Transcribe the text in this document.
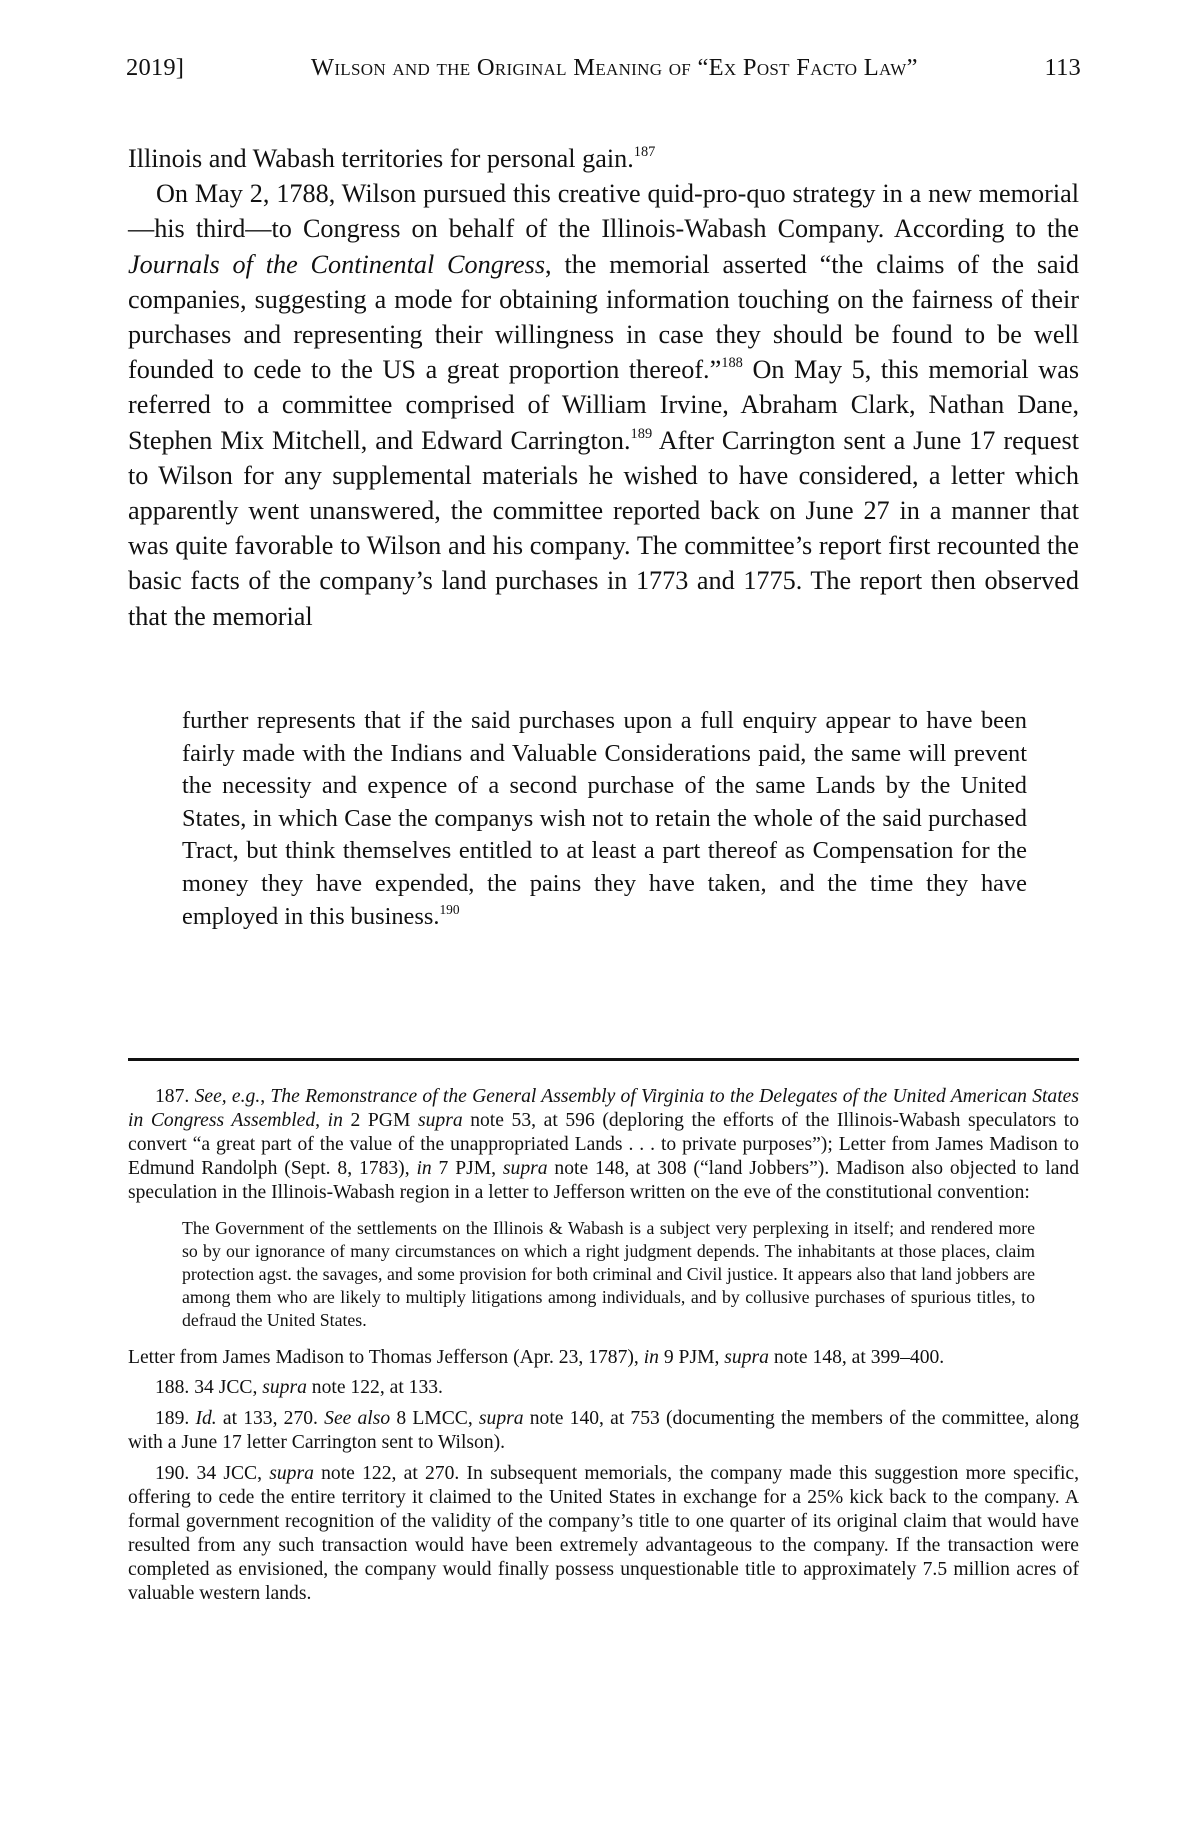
2019]	Wilson and the Original Meaning of “Ex Post Facto Law”	113

Illinois and Wabash territories for personal gain.$^{187}$

On May 2, 1788, Wilson pursued this creative quid-pro-quo strategy in a new memorial—his third—to Congress on behalf of the Illinois-Wabash Company. According to the Journals of the Continental Congress, the memorial asserted “the claims of the said companies, suggesting a mode for obtaining information touching on the fairness of their purchases and representing their willingness in case they should be found to be well founded to cede to the US a great proportion thereof.”$^{188}$ On May 5, this memorial was referred to a committee comprised of William Irvine, Abraham Clark, Nathan Dane, Stephen Mix Mitchell, and Edward Carrington.$^{189}$ After Carrington sent a June 17 request to Wilson for any supplemental materials he wished to have considered, a letter which apparently went unanswered, the committee reported back on June 27 in a manner that was quite favorable to Wilson and his company. The committee’s report first recounted the basic facts of the company’s land purchases in 1773 and 1775. The report then observed that the memorial

further represents that if the said purchases upon a full enquiry appear to have been fairly made with the Indians and Valuable Considerations paid, the same will prevent the necessity and expence of a second purchase of the same Lands by the United States, in which Case the companys wish not to retain the whole of the said purchased Tract, but think themselves entitled to at least a part thereof as Compensation for the money they have expended, the pains they have taken, and the time they have employed in this business.$^{190}$

187. See, e.g., The Remonstrance of the General Assembly of Virginia to the Delegates of the United American States in Congress Assembled, in 2 PGM supra note 53, at 596 (deploring the efforts of the Illinois-Wabash speculators to convert “a great part of the value of the unappropriated Lands . . . to private purposes”); Letter from James Madison to Edmund Randolph (Sept. 8, 1783), in 7 PJM, supra note 148, at 308 (“land Jobbers”). Madison also objected to land speculation in the Illinois-Wabash region in a letter to Jefferson written on the eve of the constitutional convention:

The Government of the settlements on the Illinois & Wabash is a subject very perplexing in itself; and rendered more so by our ignorance of many circumstances on which a right judgment depends. The inhabitants at those places, claim protection agst. the savages, and some provision for both criminal and Civil justice. It appears also that land jobbers are among them who are likely to multiply litigations among individuals, and by collusive purchases of spurious titles, to defraud the United States.

Letter from James Madison to Thomas Jefferson (Apr. 23, 1787), in 9 PJM, supra note 148, at 399–400.

188. 34 JCC, supra note 122, at 133.

189. Id. at 133, 270. See also 8 LMCC, supra note 140, at 753 (documenting the members of the committee, along with a June 17 letter Carrington sent to Wilson).

190. 34 JCC, supra note 122, at 270. In subsequent memorials, the company made this suggestion more specific, offering to cede the entire territory it claimed to the United States in exchange for a 25% kick back to the company. A formal government recognition of the validity of the company’s title to one quarter of its original claim that would have resulted from any such transaction would have been extremely advantageous to the company. If the transaction were completed as envisioned, the company would finally possess unquestionable title to approximately 7.5 million acres of valuable western lands.
